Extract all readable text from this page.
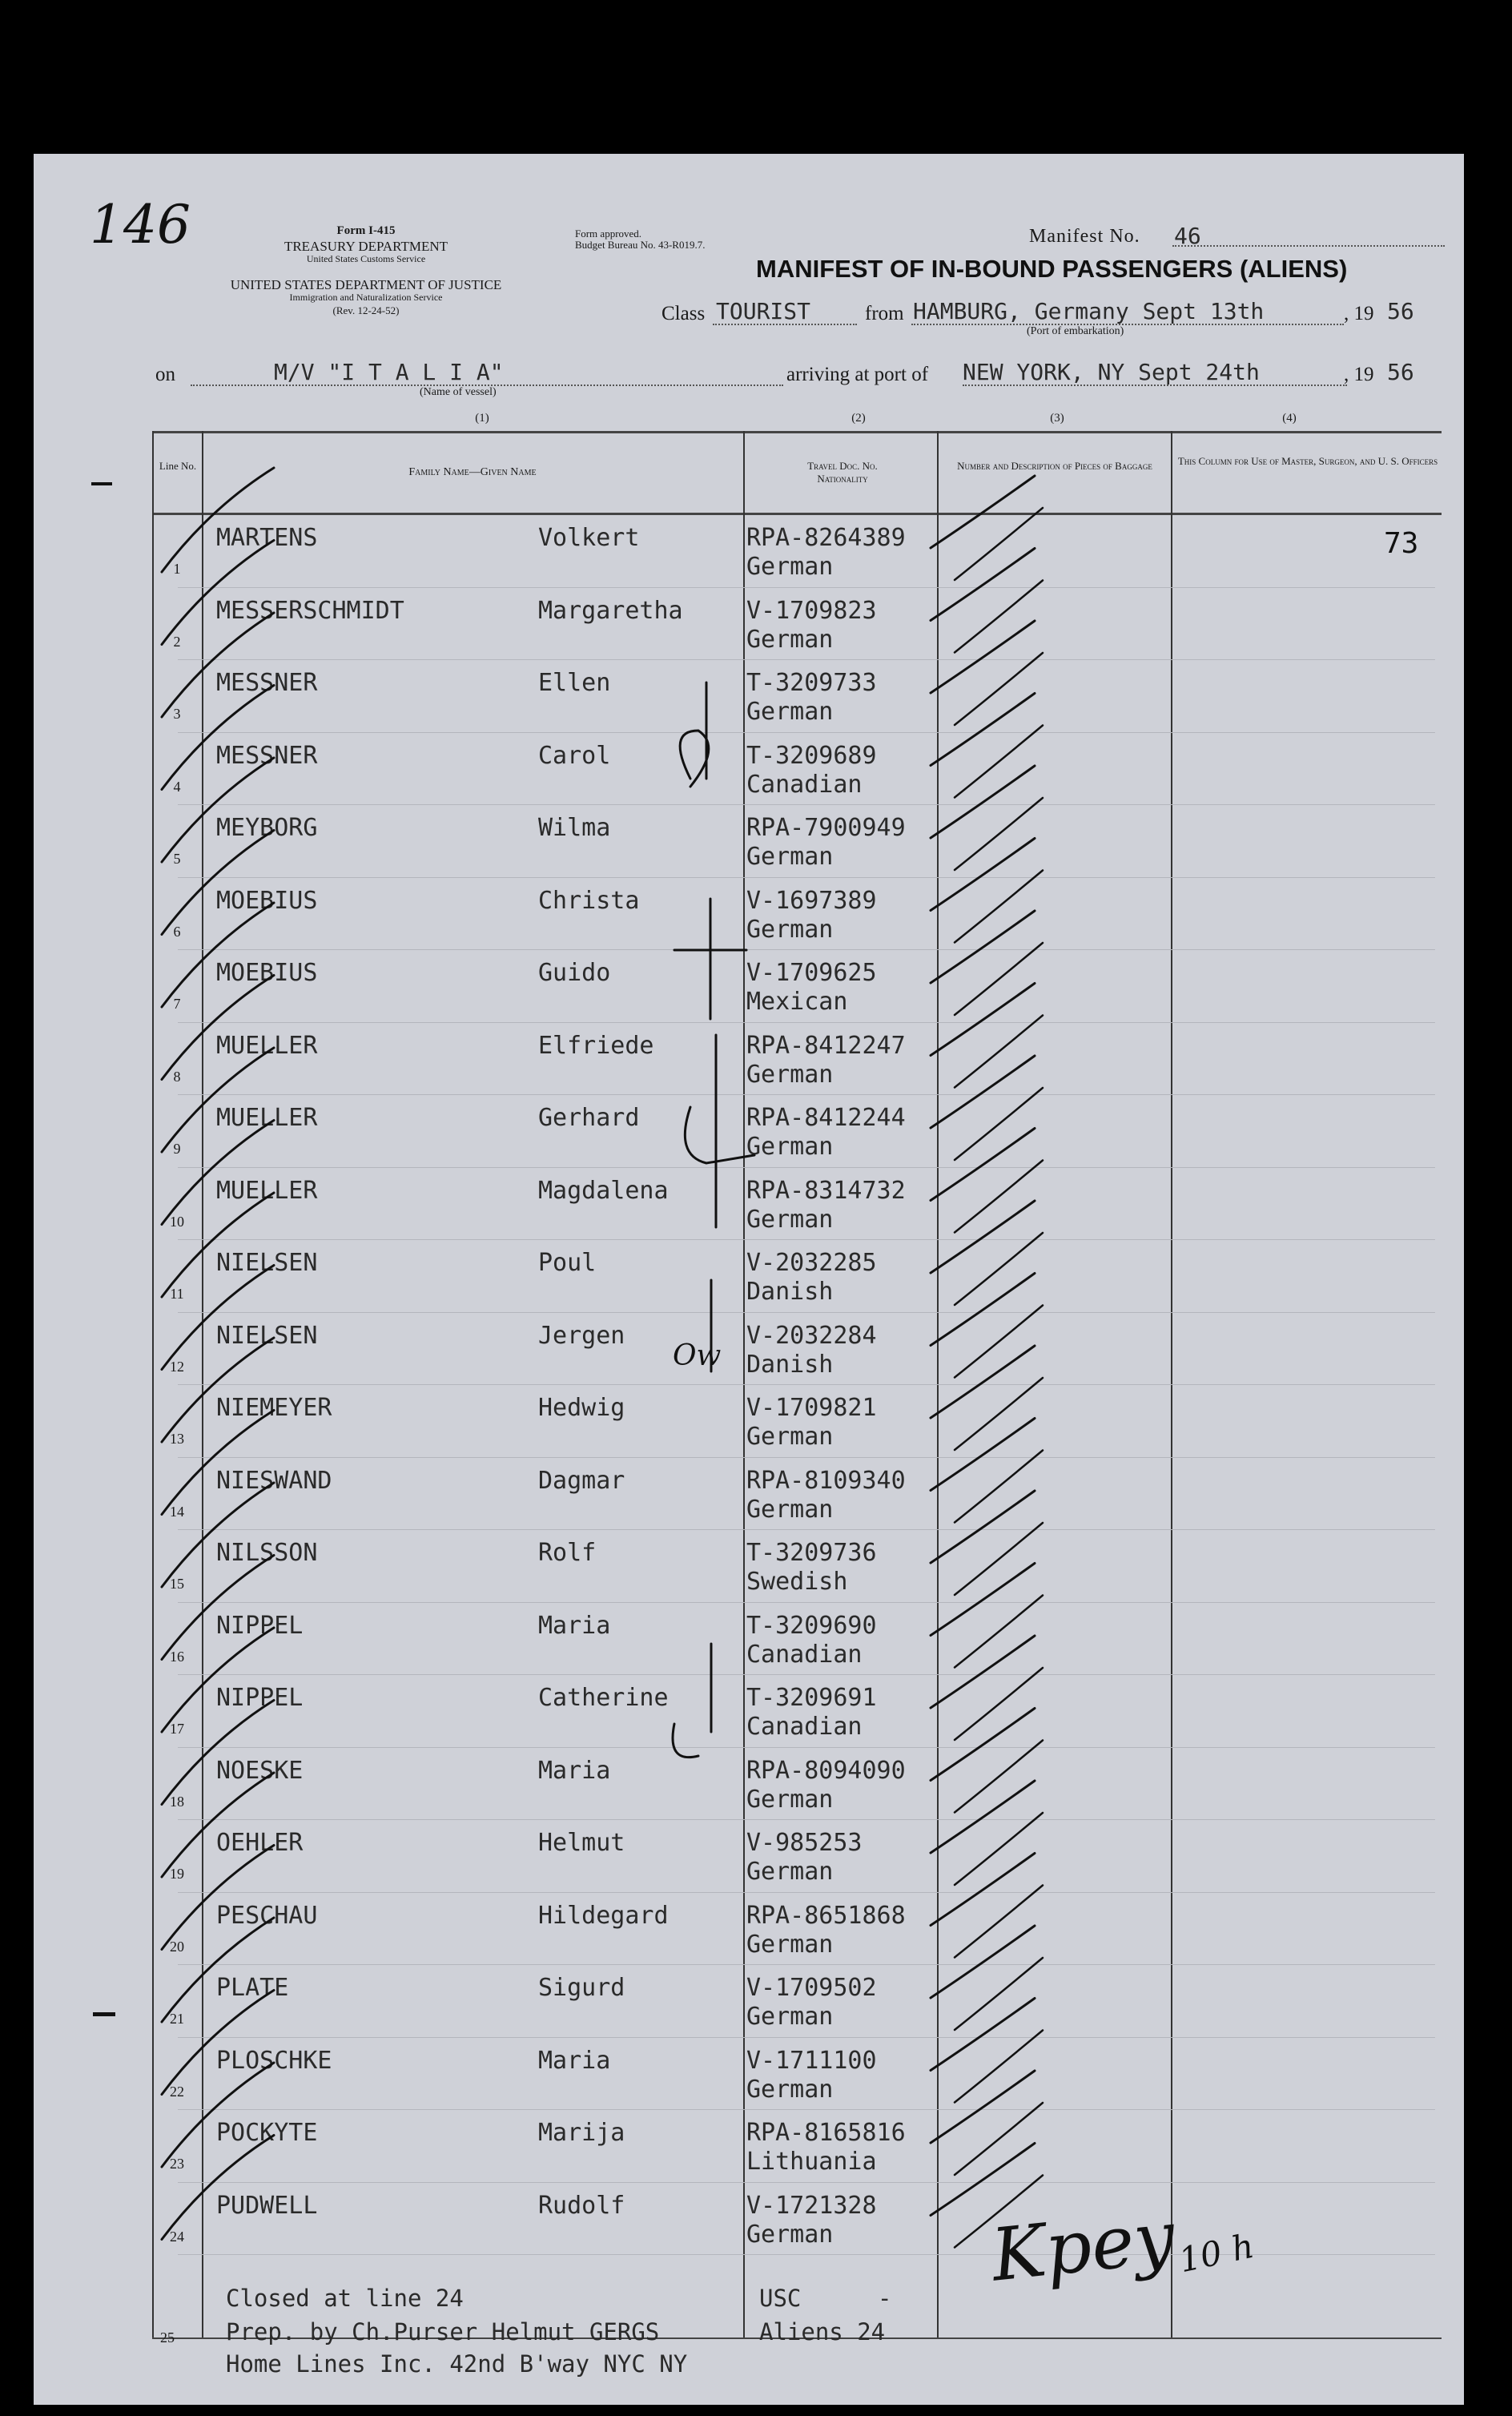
146	Form I-415
TREASURY DEPARTMENT
United States Customs Service
UNITED STATES DEPARTMENT OF JUSTICE
Immigration and Naturalization Service
(Rev. 12-24-52)
Form approved.
Budget Bureau No. 43-R019.7.	Manifest No. 46
MANIFEST OF IN-BOUND PASSENGERS (ALIENS)
Class TOURIST	from HAMBURG, Germany Sept 13th	, 19 56
(Port of embarkation)
on	M/V "I T A L I A"
(Name of vessel)
arriving at port of NEW YORK, NY Sept 24th	, 19 56
(1)	(2)	(3)	(4)
Line No.
Family Name—Given Name
Travel Doc. No. Nationality
Number and Description of Pieces of Baggage	This Column for Use of Master, Surgeon, and U. S. Officers
73
1
MARTENS	Volkert	RPA-8264389
German
2
MESSERSCHMIDT	Margaretha	V-1709823
German
3
MESSNER	Ellen	T-3209733
German
4
MESSNER	Carol	T-3209689
Canadian
5
MEYBORG	Wilma	RPA-7900949
German
6
MOEBIUS	Christa	V-1697389
German
7
MOEBIUS	Guido	V-1709625
Mexican
8
MUELLER	Elfriede	RPA-8412247
German
9
MUELLER	Gerhard	RPA-8412244
German
10
MUELLER	Magdalena	RPA-8314732
German
11
NIELSEN	Poul	V-2032285
Danish
12
NIELSEN	Jergen	V-2032284
Danish
13
NIEMEYER	Hedwig	V-1709821
German
14
NIESWAND	Dagmar	RPA-8109340
German
15
NILSSON	Rolf	T-3209736
Swedish
16
NIPPEL	Maria	T-3209690
Canadian
17
NIPPEL	Catherine	T-3209691
Canadian
18
NOESKE	Maria	RPA-8094090
German
19
OEHLER	Helmut	V-985253
German
20
PESCHAU	Hildegard	RPA-8651868
German
21
PLATE	Sigurd	V-1709502
German
22
PLOSCHKE	Maria	V-1711100
German
23
POCKYTE	Marija	RPA-8165816
Lithuania
24
PUDWELL	Rudolf	V-1721328
German
25
Closed at line 24
Prep. by Ch.Purser Helmut GERGS
Home Lines Inc. 42nd B'way NYC NY
USC	-
Aliens 24
Kpey
10 h
Ow
